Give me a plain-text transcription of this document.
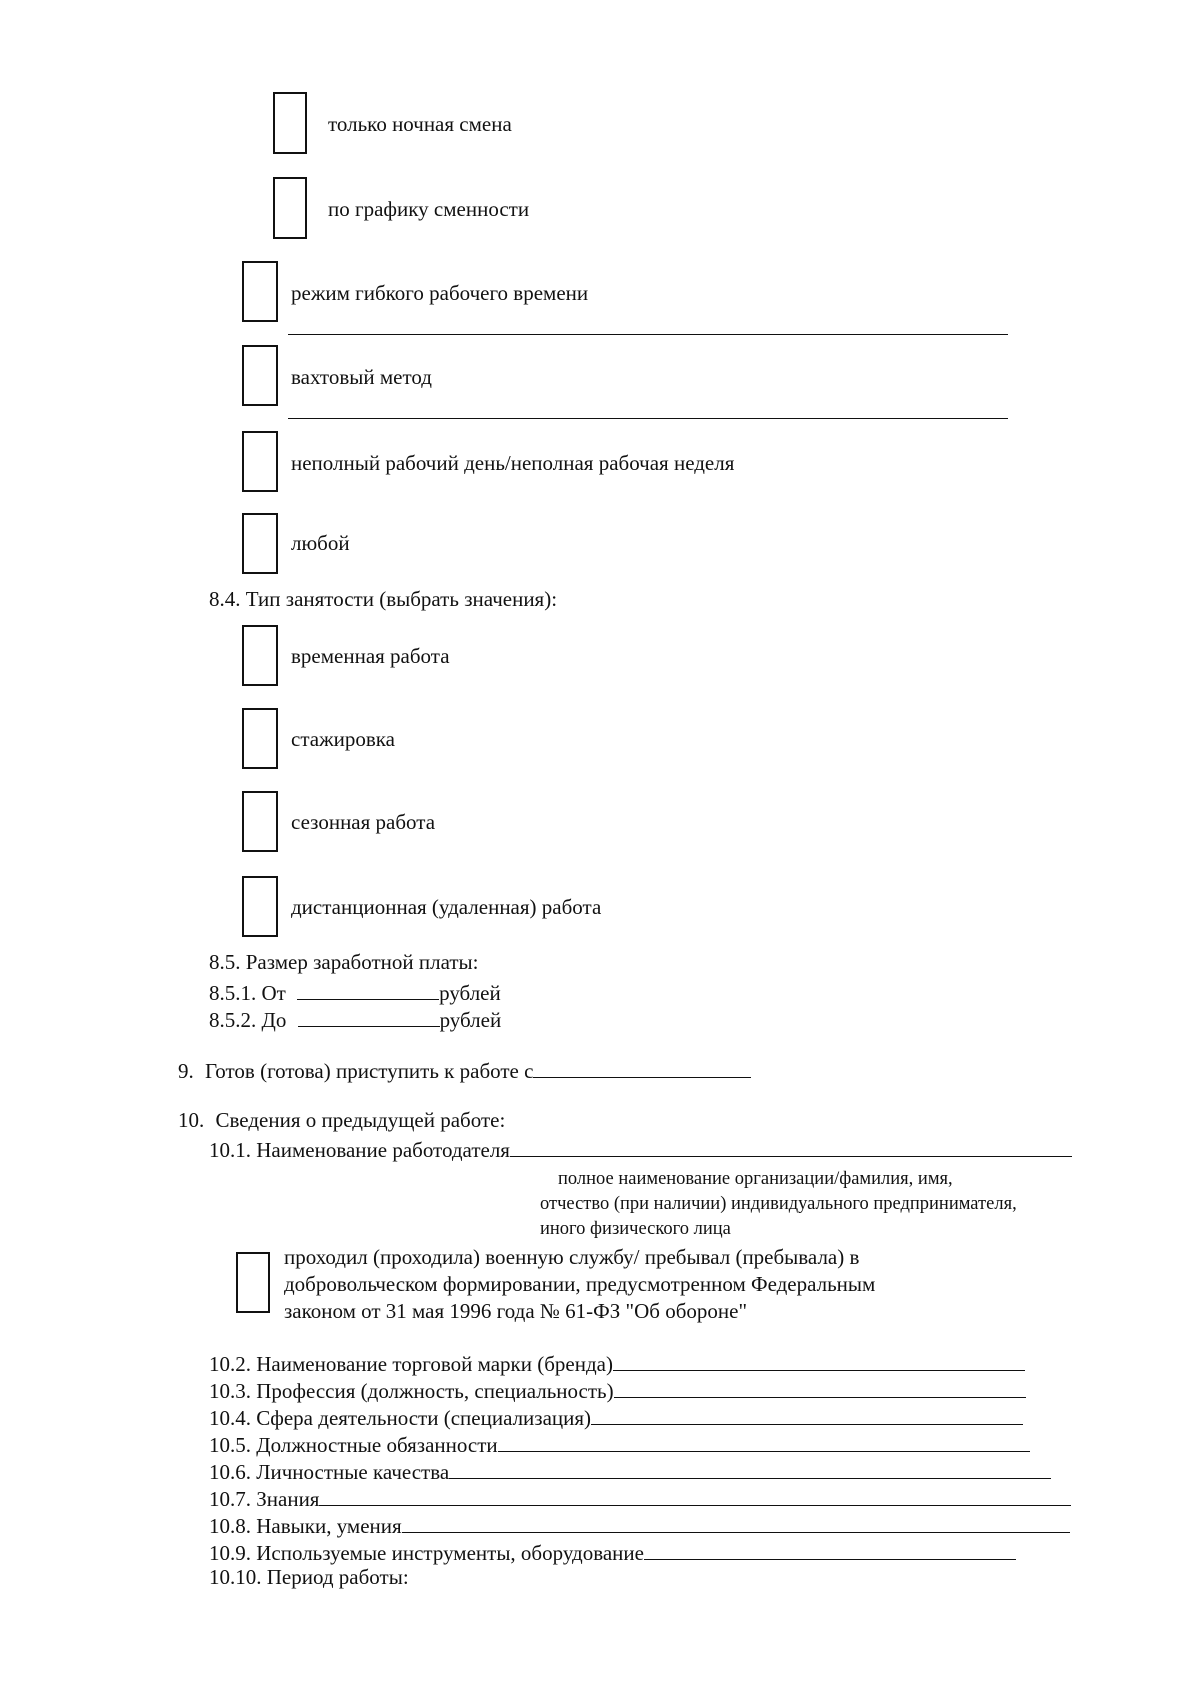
только ночная смена
по графику сменности
режим гибкого рабочего времени
вахтовый метод
неполный рабочий день/неполная рабочая неделя
любой
8.4. Тип занятости (выбрать значения):
временная работа
стажировка
сезонная работа
дистанционная (удаленная) работа
8.5. Размер заработной платы:
8.5.1. От	рублей
8.5.2. До	рублей
9. Готов (готова) приступить к работе с
10. Сведения о предыдущей работе:
10.1. Наименование работодателя
полное наименование организации/фамилия, имя,
отчество (при наличии) индивидуального предпринимателя,
иного физического лица
проходил (проходила) военную службу/ пребывал (пребывала) в
добровольческом формировании, предусмотренном Федеральным
законом от 31 мая 1996 года № 61-ФЗ "Об обороне"
10.2. Наименование торговой марки (бренда)
10.3. Профессия (должность, специальность)
10.4. Сфера деятельности (специализация)
10.5. Должностные обязанности
10.6. Личностные качества
10.7. Знания
10.8. Навыки, умения
10.9. Используемые инструменты, оборудование
10.10. Период работы:
